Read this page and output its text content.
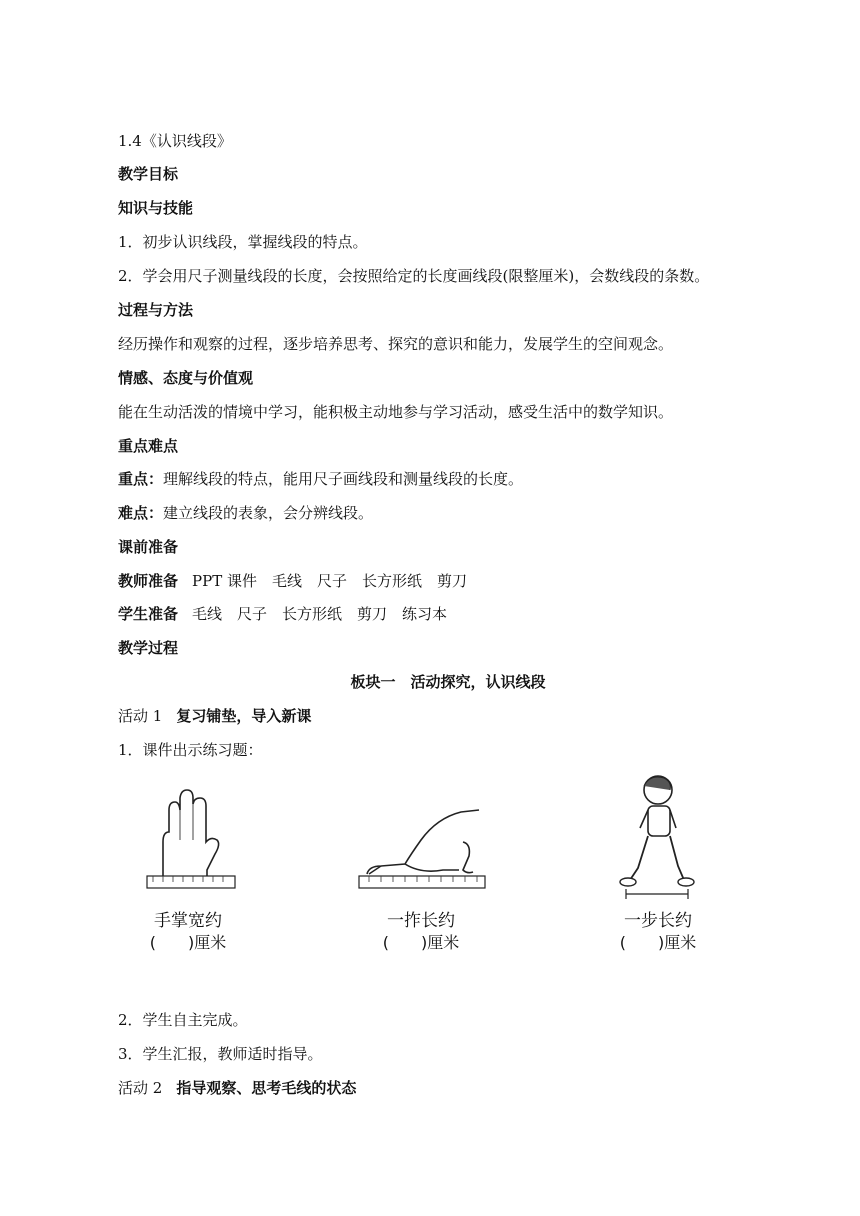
1.4《认识线段》
教学目标
知识与技能
1．初步认识线段，掌握线段的特点。
2．学会用尺子测量线段的长度，会按照给定的长度画线段(限整厘米)，会数线段的条数。
过程与方法
经历操作和观察的过程，逐步培养思考、探究的意识和能力，发展学生的空间观念。
情感、态度与价值观
能在生动活泼的情境中学习，能积极主动地参与学习活动，感受生活中的数学知识。
重点难点
重点：理解线段的特点，能用尺子画线段和测量线段的长度。
难点：建立线段的表象，会分辨线段。
课前准备
教师准备 PPT 课件　毛线　尺子　长方形纸　剪刀
学生准备 毛线　尺子　长方形纸　剪刀　练习本
教学过程
板块一　活动探究，认识线段
活动 1 复习铺垫，导入新课
1．课件出示练习题：
手掌宽约
(　　)厘米
一拃长约
(　　)厘米
一步长约
(　　)厘米
2．学生自主完成。
3．学生汇报，教师适时指导。
活动 2 指导观察、思考毛线的状态
